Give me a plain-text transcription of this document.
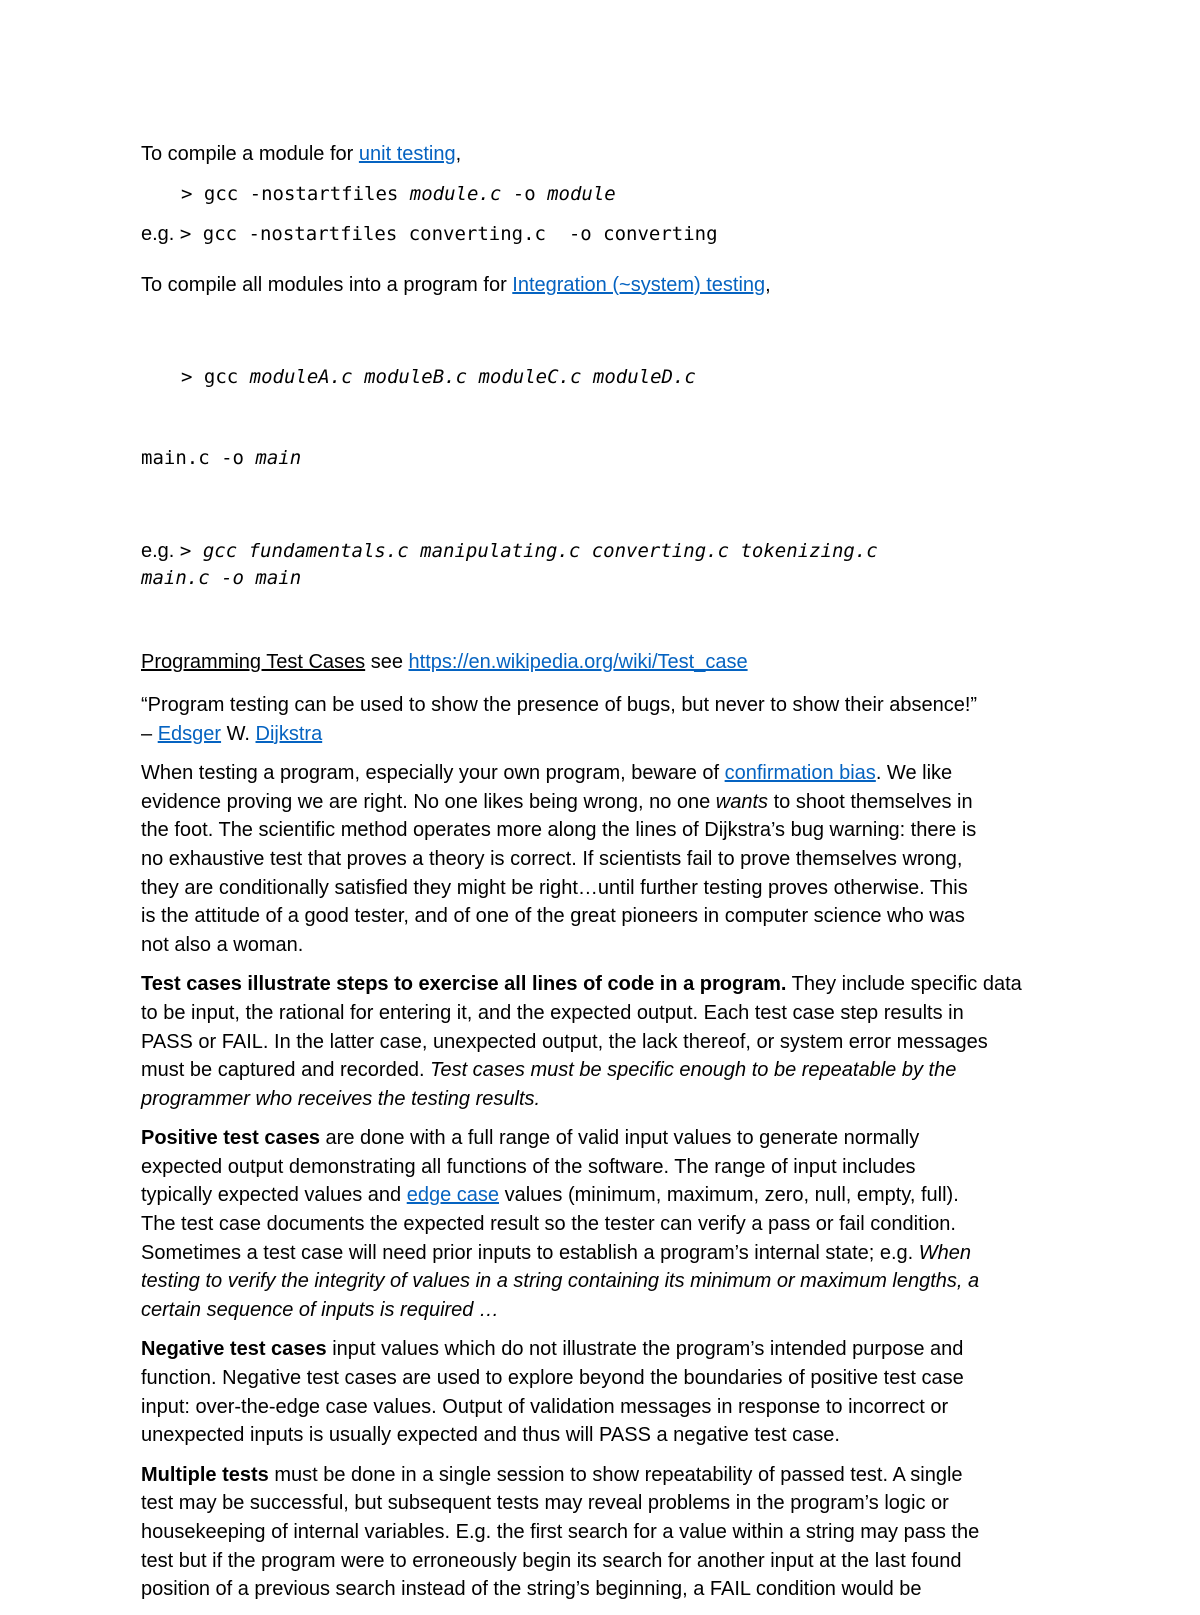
To compile a module for unit testing,
> gcc -nostartfiles module.c -o module
e.g. > gcc -nostartfiles converting.c  -o converting
To compile all modules into a program for Integration (~system) testing,

> gcc moduleA.c moduleB.c moduleC.c moduleD.c

main.c -o main

e.g. > gcc fundamentals.c manipulating.c converting.c tokenizing.c
main.c -o main
Programming Test Cases see https://en.wikipedia.org/wiki/Test_case
“Program testing can be used to show the presence of bugs, but never to show their absence!”
– Edsger W. Dijkstra
When testing a program, especially your own program, beware of confirmation bias. We like
evidence proving we are right. No one likes being wrong, no one wants to shoot themselves in
the foot. The scientific method operates more along the lines of Dijkstra’s bug warning: there is
no exhaustive test that proves a theory is correct. If scientists fail to prove themselves wrong,
they are conditionally satisfied they might be right…until further testing proves otherwise. This
is the attitude of a good tester, and of one of the great pioneers in computer science who was
not also a woman.
Test cases illustrate steps to exercise all lines of code in a program. They include specific data
to be input, the rational for entering it, and the expected output. Each test case step results in
PASS or FAIL. In the latter case, unexpected output, the lack thereof, or system error messages
must be captured and recorded. Test cases must be specific enough to be repeatable by the
programmer who receives the testing results.
Positive test cases are done with a full range of valid input values to generate normally
expected output demonstrating all functions of the software. The range of input includes
typically expected values and edge case values (minimum, maximum, zero, null, empty, full).
The test case documents the expected result so the tester can verify a pass or fail condition.
Sometimes a test case will need prior inputs to establish a program’s internal state; e.g. When
testing to verify the integrity of values in a string containing its minimum or maximum lengths, a
certain sequence of inputs is required …
Negative test cases input values which do not illustrate the program’s intended purpose and
function. Negative test cases are used to explore beyond the boundaries of positive test case
input: over-the-edge case values. Output of validation messages in response to incorrect or
unexpected inputs is usually expected and thus will PASS a negative test case.
Multiple tests must be done in a single session to show repeatability of passed test. A single
test may be successful, but subsequent tests may reveal problems in the program’s logic or
housekeeping of internal variables. E.g. the first search for a value within a string may pass the
test but if the program were to erroneously begin its search for another input at the last found
position of a previous search instead of the string’s beginning, a FAIL condition would be
